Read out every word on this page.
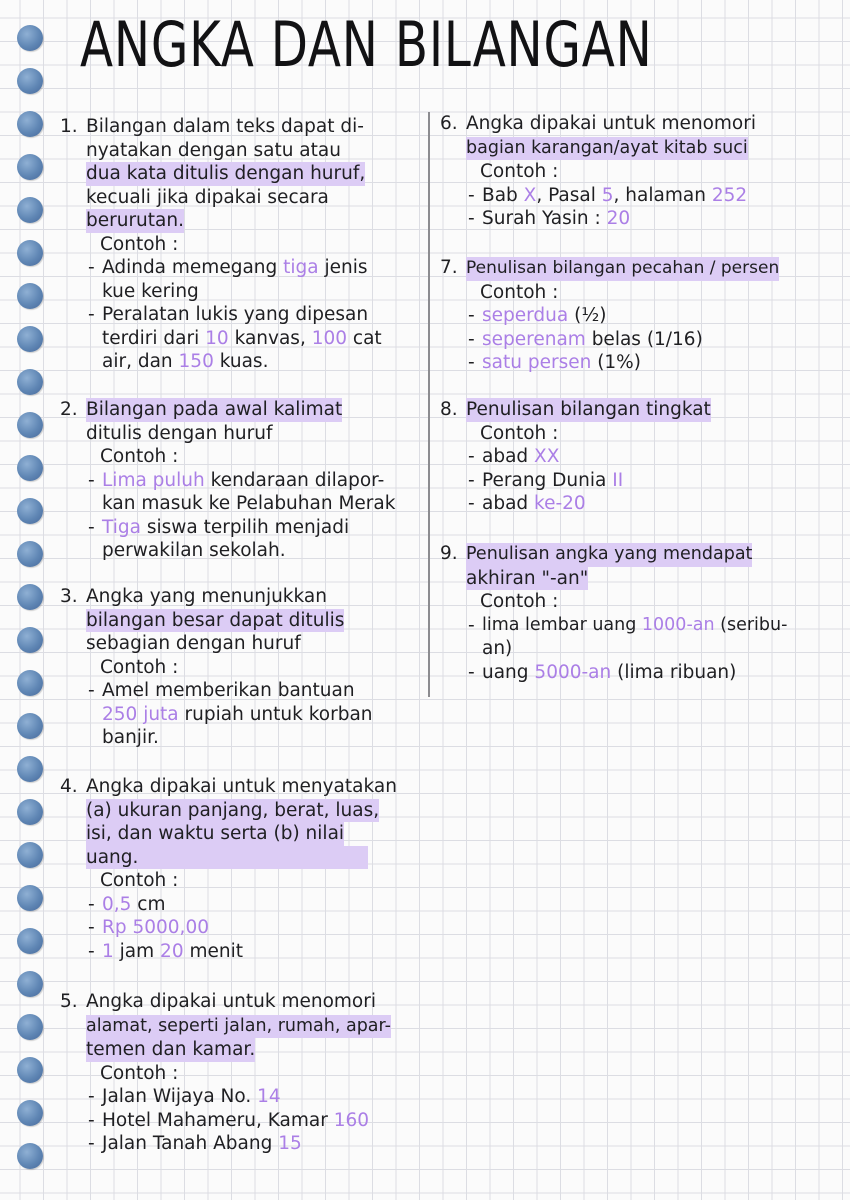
ANGKA DAN BILANGAN
1. Bilangan dalam teks dapat di-
nyatakan dengan satu atau
dua kata ditulis dengan huruf,
kecuali jika dipakai secara
berurutan.
Contoh :
- Adinda memegang tiga jenis
kue kering
- Peralatan lukis yang dipesan
terdiri dari 10 kanvas, 100 cat
air, dan 150 kuas.
2. Bilangan pada awal kalimat
ditulis dengan huruf
Contoh :
- Lima puluh kendaraan dilapor-
kan masuk ke Pelabuhan Merak
- Tiga siswa terpilih menjadi
perwakilan sekolah.
3. Angka yang menunjukkan
bilangan besar dapat ditulis
sebagian dengan huruf
Contoh :
- Amel memberikan bantuan
250 juta rupiah untuk korban
banjir.
4. Angka dipakai untuk menyatakan
(a) ukuran panjang, berat, luas, isi, dan waktu serta (b) nilai uang.
Contoh :
- 0,5 cm
- Rp 5000,00
- 1 jam 20 menit
5. Angka dipakai untuk menomori
alamat, seperti jalan, rumah, apar- temen dan kamar.
Contoh :
- Jalan Wijaya No. 14
- Hotel Mahameru, Kamar 160
- Jalan Tanah Abang 15
6. Angka dipakai untuk menomori
bagian karangan/ayat kitab suci
Contoh :
- Bab X, Pasal 5, halaman 252
- Surah Yasin : 20
7. Penulisan bilangan pecahan / persen
Contoh :
- seperdua (½)
- seperenam belas (1/16)
- satu persen (1%)
8. Penulisan bilangan tingkat
Contoh :
- abad XX
- Perang Dunia II
- abad ke-20
9. Penulisan angka yang mendapat akhiran "-an"
Contoh :
- lima lembar uang 1000-an (seribu-
an)
- uang 5000-an (lima ribuan)
